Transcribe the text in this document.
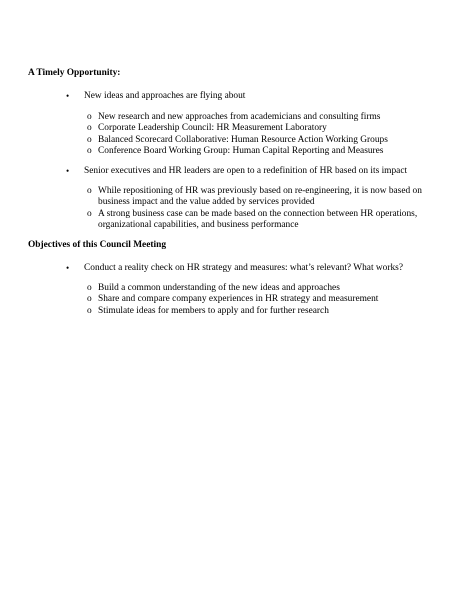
A Timely Opportunity:
•	New ideas and approaches are flying about
o New research and new approaches from academicians and consulting firms
o Corporate Leadership Council: HR Measurement Laboratory
o Balanced Scorecard Collaborative: Human Resource Action Working Groups
o Conference Board Working Group: Human Capital Reporting and Measures
•	Senior executives and HR leaders are open to a redefinition of HR based on its impact
o While repositioning of HR was previously based on re-engineering, it is now based on business impact and the value added by services provided
o A strong business case can be made based on the connection between HR operations, organizational capabilities, and business performance
Objectives of this Council Meeting
•	Conduct a reality check on HR strategy and measures: what’s relevant? What works?
o Build a common understanding of the new ideas and approaches
o Share and compare company experiences in HR strategy and measurement
o Stimulate ideas for members to apply and for further research
